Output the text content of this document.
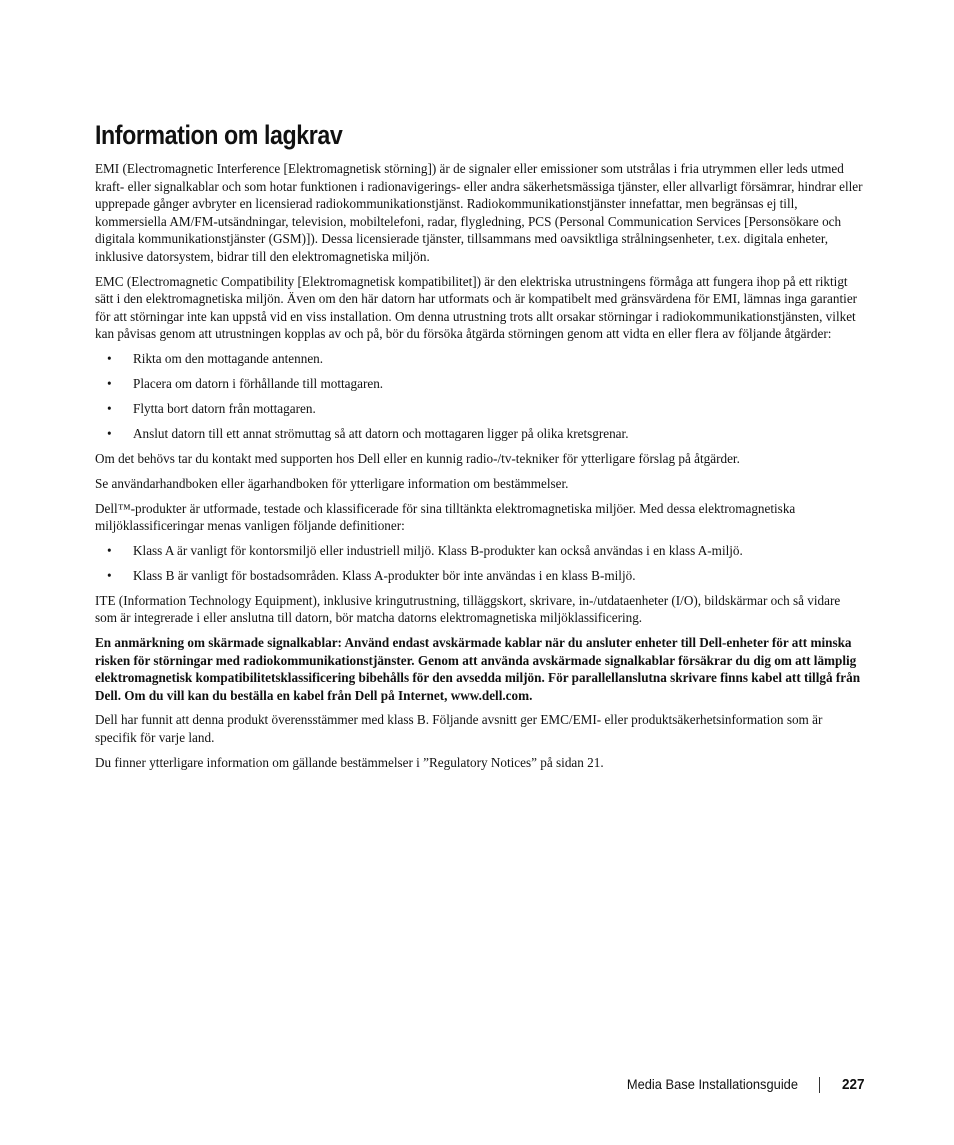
Information om lagkrav

EMI (Electromagnetic Interference [Elektromagnetisk störning]) är de signaler eller emissioner som utstrålas i fria utrymmen eller leds utmed kraft- eller signalkablar och som hotar funktionen i radionavigerings- eller andra säkerhetsmässiga tjänster, eller allvarligt försämrar, hindrar eller upprepade gånger avbryter en licensierad radiokommunikationstjänst. Radiokommunikationstjänster innefattar, men begränsas ej till, kommersiella AM/FM-utsändningar, television, mobiltelefoni, radar, flygledning, PCS (Personal Communication Services [Personsökare och digitala kommunikationstjänster (GSM)]). Dessa licensierade tjänster, tillsammans med oavsiktliga strålningsenheter, t.ex. digitala enheter, inklusive datorsystem, bidrar till den elektromagnetiska miljön.

EMC (Electromagnetic Compatibility [Elektromagnetisk kompatibilitet]) är den elektriska utrustningens förmåga att fungera ihop på ett riktigt sätt i den elektromagnetiska miljön. Även om den här datorn har utformats och är kompatibelt med gränsvärdena för EMI, lämnas inga garantier för att störningar inte kan uppstå vid en viss installation. Om denna utrustning trots allt orsakar störningar i radiokommunikationstjänsten, vilket kan påvisas genom att utrustningen kopplas av och på, bör du försöka åtgärda störningen genom att vidta en eller flera av följande åtgärder:

• Rikta om den mottagande antennen.
• Placera om datorn i förhållande till mottagaren.
• Flytta bort datorn från mottagaren.
• Anslut datorn till ett annat strömuttag så att datorn och mottagaren ligger på olika kretsgrenar.

Om det behövs tar du kontakt med supporten hos Dell eller en kunnig radio-/tv-tekniker för ytterligare förslag på åtgärder.

Se användarhandboken eller ägarhandboken för ytterligare information om bestämmelser.

Dell™-produkter är utformade, testade och klassificerade för sina tilltänkta elektromagnetiska miljöer. Med dessa elektromagnetiska miljöklassificeringar menas vanligen följande definitioner:

• Klass A är vanligt för kontorsmiljö eller industriell miljö. Klass B-produkter kan också användas i en klass A-miljö.
• Klass B är vanligt för bostadsområden. Klass A-produkter bör inte användas i en klass B-miljö.

ITE (Information Technology Equipment), inklusive kringutrustning, tilläggskort, skrivare, in-/utdataenheter (I/O), bildskärmar och så vidare som är integrerade i eller anslutna till datorn, bör matcha datorns elektromagnetiska miljöklassificering.

En anmärkning om skärmade signalkablar: Använd endast avskärmade kablar när du ansluter enheter till Dell-enheter för att minska risken för störningar med radiokommunikationstjänster. Genom att använda avskärmade signalkablar försäkrar du dig om att lämplig elektromagnetisk kompatibilitetsklassificering bibehålls för den avsedda miljön. För parallellanslutna skrivare finns kabel att tillgå från Dell. Om du vill kan du beställa en kabel från Dell på Internet, www.dell.com.

Dell har funnit att denna produkt överensstämmer med klass B. Följande avsnitt ger EMC/EMI- eller produktsäkerhetsinformation som är specifik för varje land.

Du finner ytterligare information om gällande bestämmelser i ”Regulatory Notices” på sidan 21.

Media Base Installationsguide	227
